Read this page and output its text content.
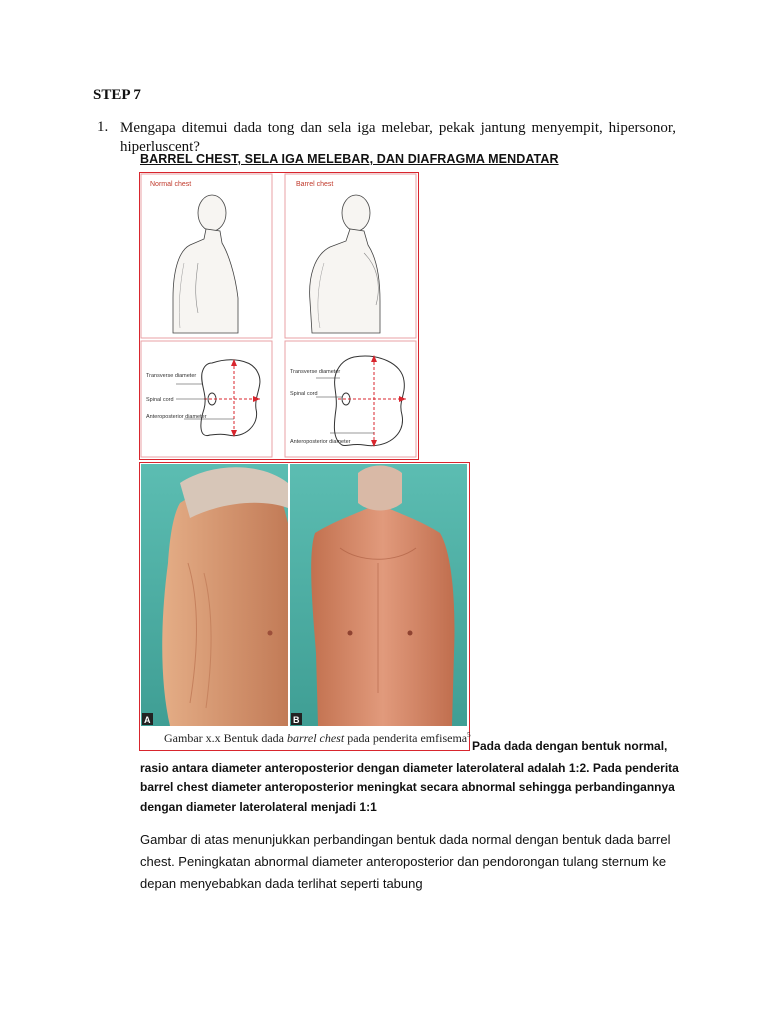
STEP 7
1. Mengapa ditemui dada tong dan sela iga melebar, pekak jantung menyempit, hipersonor, hiperluscent?
BARREL CHEST, SELA IGA MELEBAR, DAN DIAFRAGMA MENDATAR
Normal chest	Barrel chest
Transverse diameter
Spinal cord
Anteroposterior diameter
Transverse diameter
Spinal cord
Anteroposterior diameter
A	B
Gambar x.x Bentuk dada barrel chest pada penderita emfisema$^5$
Pada dada dengan bentuk normal,
rasio antara diameter anteroposterior dengan diameter laterolateral adalah 1:2. Pada penderita barrel chest diameter anteroposterior meningkat secara abnormal sehingga perbandingannya dengan diameter laterolateral menjadi 1:1
Gambar di atas menunjukkan perbandingan bentuk dada normal dengan bentuk dada barrel chest. Peningkatan abnormal diameter anteroposterior dan pendorongan tulang sternum ke depan menyebabkan dada terlihat seperti tabung
